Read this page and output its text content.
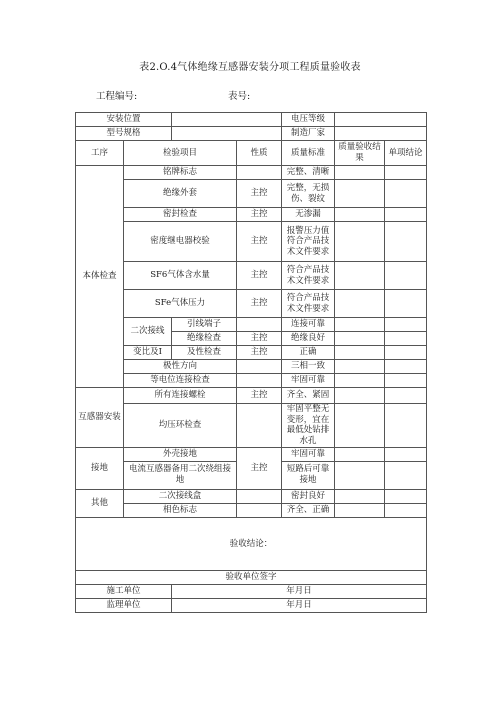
表2.O.4气体绝缘互感器安装分项工程质量验收表
工程编号:	表号:
安装位置				电压等级		
型号规格				制造厂家		
工序	检验项目		性质	质量标准	质量验收结果	单项结论
本体检查	铭牌标志			完整、清晰		
	绝缘外套		主控	完整，无损伤、裂纹		
	密封检查		主控	无渗漏		
	密度继电器校验		主控	报警压力值符合产品技术文件要求		
	SF6气体含水量		主控	符合产品技术文件要求		
	SFe气体压力		主控	符合产品技术文件要求		
	二次接线	引线端子		连接可靠		
		绝缘检查	主控	绝缘良好		
	变比及I	及性检查	主控	正确		
	极性方向			三相一致		
	等电位连接检查			牢固可靠		
互感器安装	所有连接螺栓		主控	齐全、紧固		
	均压环检查			牢固平整无变形，宜在最低处钻排水孔		
接地	外壳接地		主控	牢固可靠		
	电流互感器备用二次绕组接地			短路后可靠接地		
其他	二次接线盒			密封良好		
	相色标志			齐全、正确		

验收结论：						

验收单位签字						
施工单位		年月日				
监理单位		年月日				
